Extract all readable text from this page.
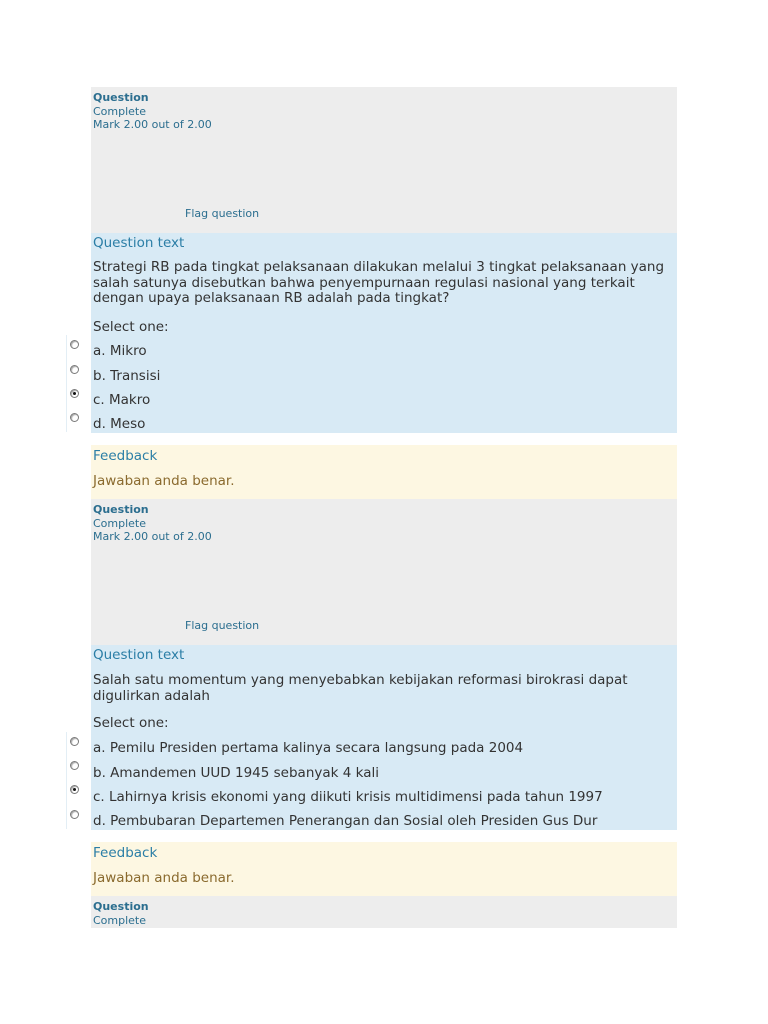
Question
Complete
Mark 2.00 out of 2.00
Flag question
Question text
Strategi RB pada tingkat pelaksanaan dilakukan melalui 3 tingkat pelaksanaan yang salah satunya disebutkan bahwa penyempurnaan regulasi nasional yang terkait dengan upaya pelaksanaan RB adalah pada tingkat?
Select one:
a. Mikro
b. Transisi
c. Makro
d. Meso
Feedback
Jawaban anda benar.
Question
Complete
Mark 2.00 out of 2.00
Flag question
Question text
Salah satu momentum yang menyebabkan kebijakan reformasi birokrasi dapat digulirkan adalah
Select one:
a. Pemilu Presiden pertama kalinya secara langsung pada 2004
b. Amandemen UUD 1945 sebanyak 4 kali
c. Lahirnya krisis ekonomi yang diikuti krisis multidimensi pada tahun 1997
d. Pembubaran Departemen Penerangan dan Sosial oleh Presiden Gus Dur
Feedback
Jawaban anda benar.
Question
Complete
